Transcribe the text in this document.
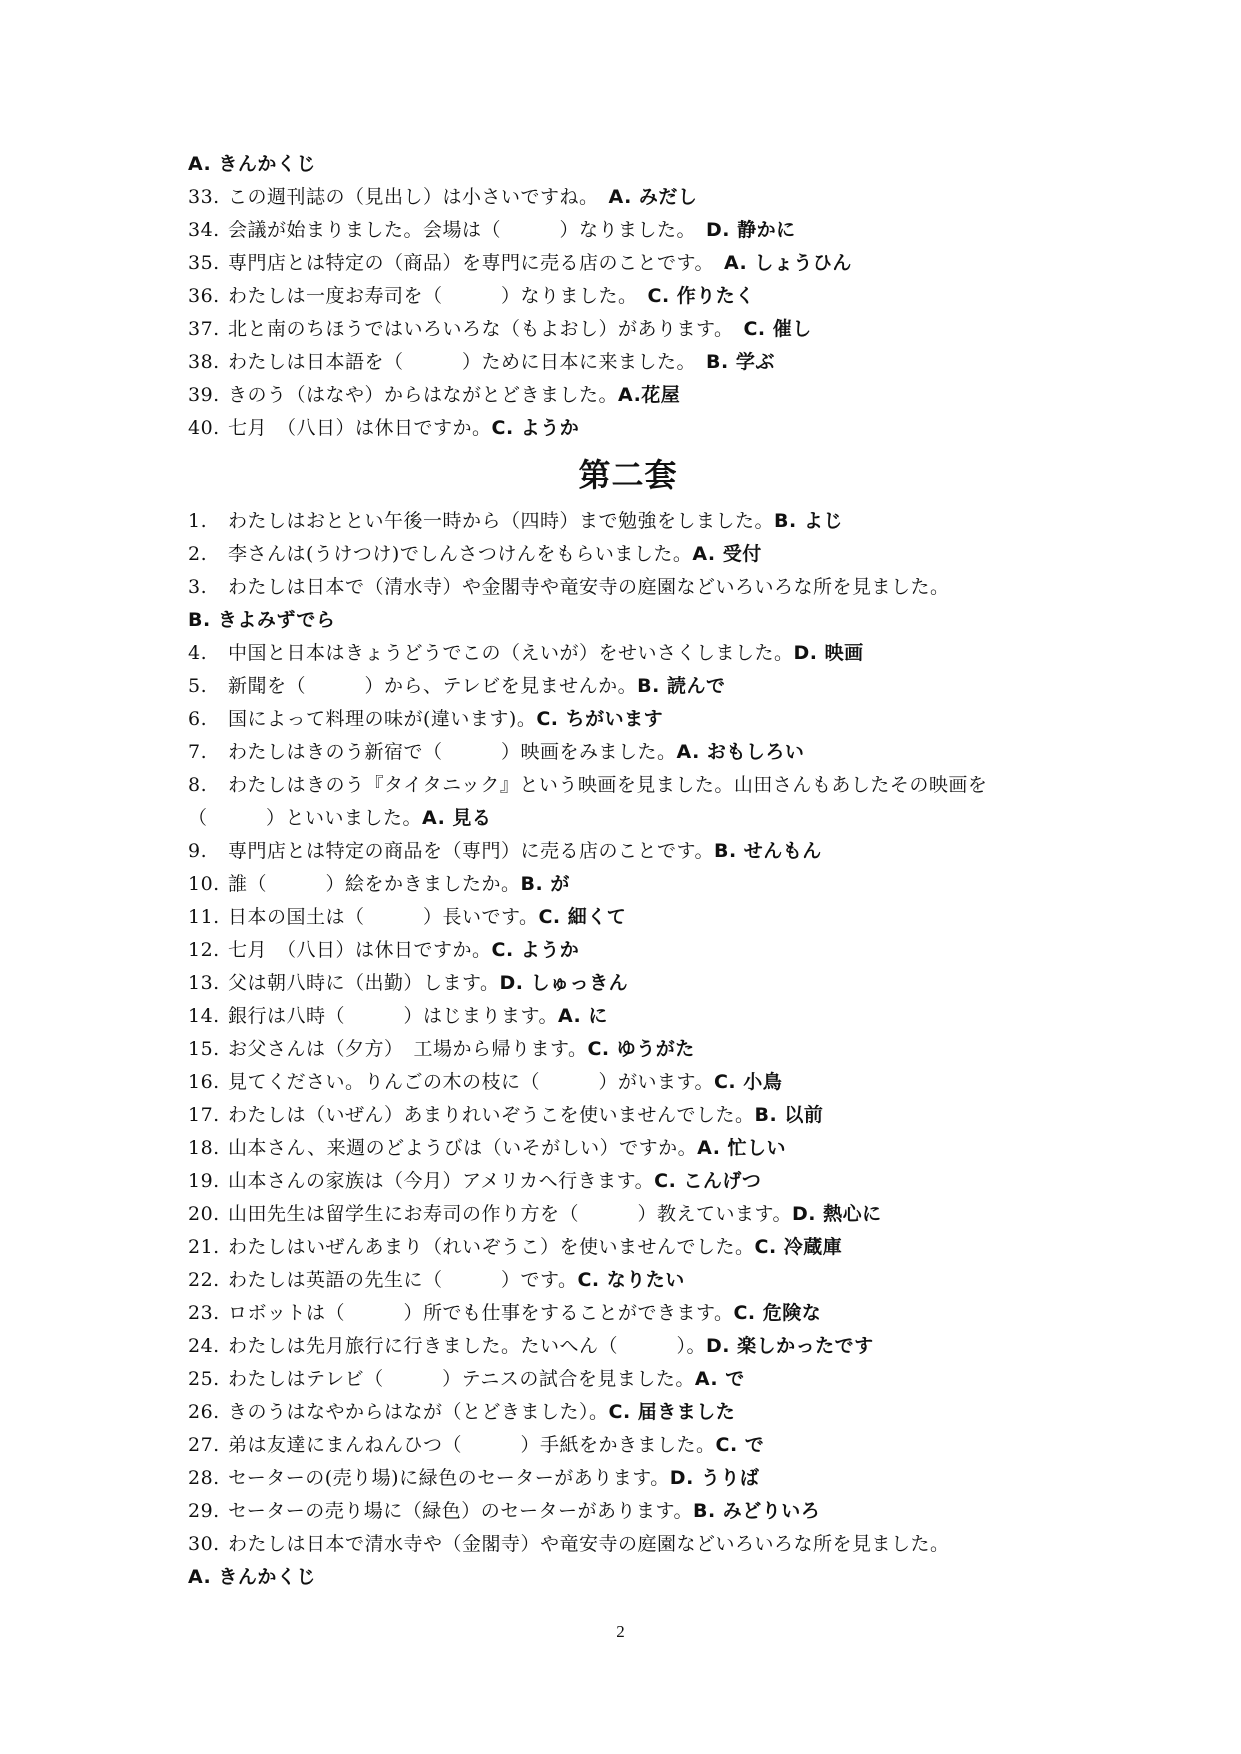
A. きんかくじ
33. この週刊誌の（見出し）は小さいですね。　A. みだし
34. 会議が始まりました。会場は（　　　）なりました。　D. 静かに
35. 専門店とは特定の（商品）を専門に売る店のことです。　A. しょうひん
36. わたしは一度お寿司を（　　　）なりました。　C. 作りたく
37. 北と南のちほうではいろいろな（もよおし）があります。　C. 催し
38. わたしは日本語を（　　　）ために日本に来ました。　B. 学ぶ
39. きのう（はなや）からはながとどきました。A.花屋
40. 七月　（八日）は休日ですか。C. ようか
第二套
1. わたしはおととい午後一時から（四時）まで勉強をしました。B. よじ
2. 李さんは(うけつけ)でしんさつけんをもらいました。A. 受付
3. わたしは日本で（清水寺）や金閣寺や竜安寺の庭園などいろいろな所を見ました。B. きよみずでら
4. 中国と日本はきょうどうでこの（えいが）をせいさくしました。D. 映画
5. 新聞を（　　　）から、テレビを見ませんか。B. 読んで
6. 国によって料理の味が(違います)。C. ちがいます
7. わたしはきのう新宿で（　　　）映画をみました。A. おもしろい
8. わたしはきのう『タイタニック』という映画を見ました。山田さんもあしたその映画を（　　　）といいました。A. 見る
9. 専門店とは特定の商品を（専門）に売る店のことです。B. せんもん
10. 誰（　　　）絵をかきましたか。B. が
11. 日本の国土は（　　　）長いです。C. 細くて
12. 七月　（八日）は休日ですか。C. ようか
13. 父は朝八時に（出勤）します。D. しゅっきん
14. 銀行は八時（　　　）はじまります。A. に
15. お父さんは（夕方）　工場から帰ります。C. ゆうがた
16. 見てください。りんごの木の枝に（　　　）がいます。C. 小鳥
17. わたしは（いぜん）あまりれいぞうこを使いませんでした。B. 以前
18. 山本さん、来週のどようびは（いそがしい）ですか。A. 忙しい
19. 山本さんの家族は（今月）アメリカへ行きます。C. こんげつ
20. 山田先生は留学生にお寿司の作り方を（　　　）教えています。D. 熱心に
21. わたしはいぜんあまり（れいぞうこ）を使いませんでした。C. 冷蔵庫
22. わたしは英語の先生に（　　　）です。C. なりたい
23. ロボットは（　　　）所でも仕事をすることができます。C. 危険な
24. わたしは先月旅行に行きました。たいへん（　　　）。D. 楽しかったです
25. わたしはテレビ（　　　）テニスの試合を見ました。A. で
26. きのうはなやからはなが（とどきました）。C. 届きました
27. 弟は友達にまんねんひつ（　　　）手紙をかきました。C. で
28. セーターの(売り場)に緑色のセーターがあります。D. うりば
29. セーターの売り場に（緑色）のセーターがあります。B. みどりいろ
30. わたしは日本で清水寺や（金閣寺）や竜安寺の庭園などいろいろな所を見ました。A. きんかくじ
2
